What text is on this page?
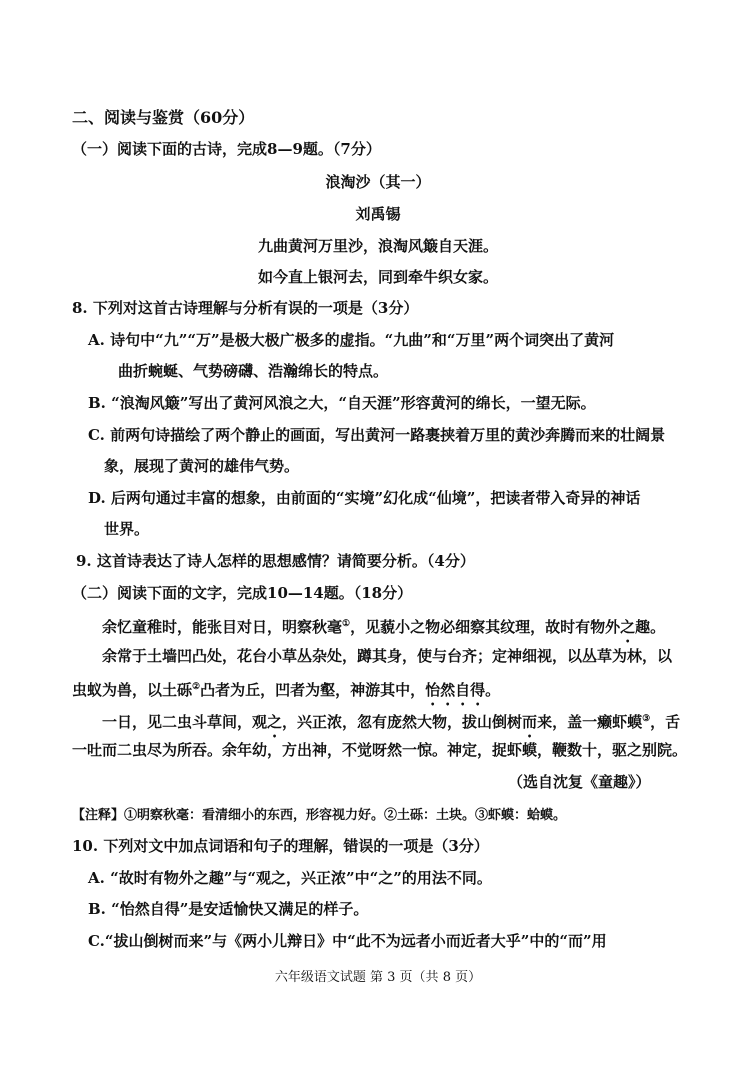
二、阅读与鉴赏（60分）
（一）阅读下面的古诗，完成8—9题。（7分）
浪淘沙（其一）
刘禹锡
九曲黄河万里沙，浪淘风簸自天涯。
如今直上银河去，同到牵牛织女家。
8. 下列对这首古诗理解与分析有误的一项是（3分）
A. 诗句中“九”“万”是极大极广极多的虚指。“九曲”和“万里”两个词突出了黄河
曲折蜿蜒、气势磅礴、浩瀚绵长的特点。
B. “浪淘风簸”写出了黄河风浪之大，“自天涯”形容黄河的绵长，一望无际。
C. 前两句诗描绘了两个静止的画面，写出黄河一路裹挟着万里的黄沙奔腾而来的壮阔景
象，展现了黄河的雄伟气势。
D. 后两句通过丰富的想象，由前面的“实境”幻化成“仙境”，把读者带入奇异的神话
世界。
9. 这首诗表达了诗人怎样的思想感情？请简要分析。（4分）
（二）阅读下面的文字，完成10—14题。（18分）
余忆童稚时，能张目对日，明察秋毫①，见藐小之物必细察其纹理，故时有物外之趣。
余常于土墙凹凸处，花台小草丛杂处，蹲其身，使与台齐；定神细视，以丛草为林，以
虫蚁为兽，以土砾②凸者为丘，凹者为壑，神游其中，怡然自得。
一日，见二虫斗草间，观之，兴正浓，忽有庞然大物，拔山倒树而来，盖一癞虾蟆③，舌
一吐而二虫尽为所吞。余年幼，方出神，不觉呀然一惊。神定，捉虾蟆，鞭数十，驱之别院。
（选自沈复《童趣》）
【注释】①明察秋毫：看清细小的东西，形容视力好。②土砾：土块。③虾蟆：蛤蟆。
10. 下列对文中加点词语和句子的理解，错误的一项是（3分）
A. “故时有物外之趣”与“观之，兴正浓”中“之”的用法不同。
B. “怡然自得”是安适愉快又满足的样子。
C.“拔山倒树而来”与《两小儿辩日》中“此不为远者小而近者大乎”中的“而”用
六年级语文试题 第 3 页（共 8 页）
